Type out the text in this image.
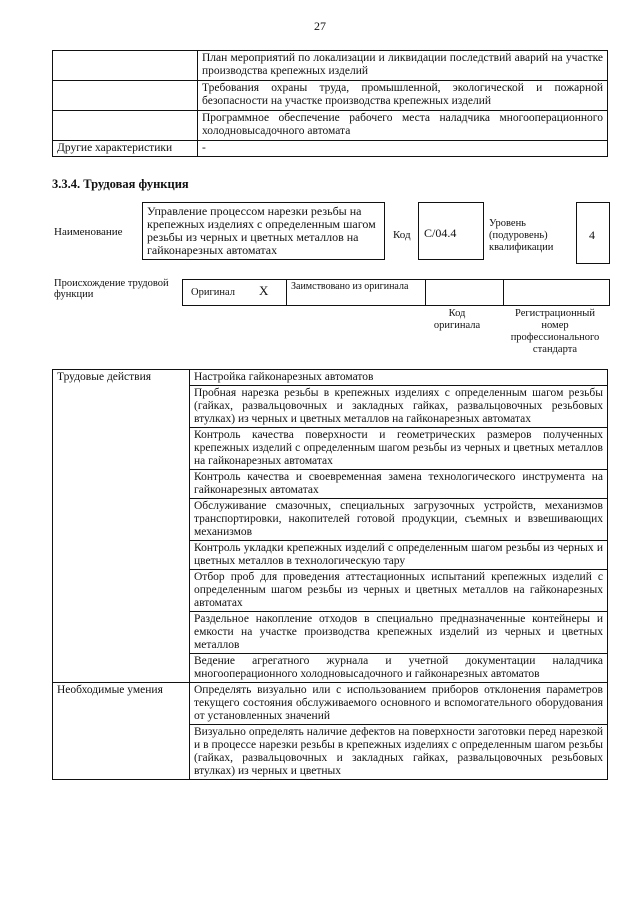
27
	План мероприятий по локализации и ликвидации последствий аварий на участке производства крепежных изделий
	Требования охраны труда, промышленной, экологической и пожарной безопасности на участке производства крепежных изделий
	Программное обеспечение рабочего места наладчика многооперационного холодновысадочного автомата
Другие характеристики	-
3.3.4. Трудовая функция
Наименование
Управление процессом нарезки резьбы на крепежных изделиях с определенным шагом резьбы из черных и цветных металлов на гайконарезных автоматах
Код	C/04.4
Уровень (подуровень) квалификации
4
Происхождение трудовой функции	Оригинал X Заимствовано из оригинала
Код оригинала
Регистрационный номер профессионального стандарта
Трудовые действия	Настройка гайконарезных автоматов
	Пробная нарезка резьбы в крепежных изделиях с определенным шагом резьбы (гайках, развальцовочных и закладных гайках, развальцовочных резьбовых втулках) из черных и цветных металлов на гайконарезных автоматах
	Контроль качества поверхности и геометрических размеров полученных крепежных изделий с определенным шагом резьбы из черных и цветных металлов на гайконарезных автоматах
	Контроль качества и своевременная замена технологического инструмента на гайконарезных автоматах
	Обслуживание смазочных, специальных загрузочных устройств, механизмов транспортировки, накопителей готовой продукции, съемных и взвешивающих механизмов
	Контроль укладки крепежных изделий с определенным шагом резьбы из черных и цветных металлов в технологическую тару
	Отбор проб для проведения аттестационных испытаний крепежных изделий с определенным шагом резьбы из черных и цветных металлов на гайконарезных автоматах
	Раздельное накопление отходов в специально предназначенные контейнеры и емкости на участке производства крепежных изделий из черных и цветных металлов
	Ведение агрегатного журнала и учетной документации наладчика многооперационного холодновысадочного и гайконарезных автоматов
Необходимые умения	Определять визуально или с использованием приборов отклонения параметров текущего состояния обслуживаемого основного и вспомогательного оборудования от установленных значений
	Визуально определять наличие дефектов на поверхности заготовки перед нарезкой и в процессе нарезки резьбы в крепежных изделиях с определенным шагом резьбы (гайках, развальцовочных и закладных гайках, развальцовочных резьбовых втулках) из черных и цветных
